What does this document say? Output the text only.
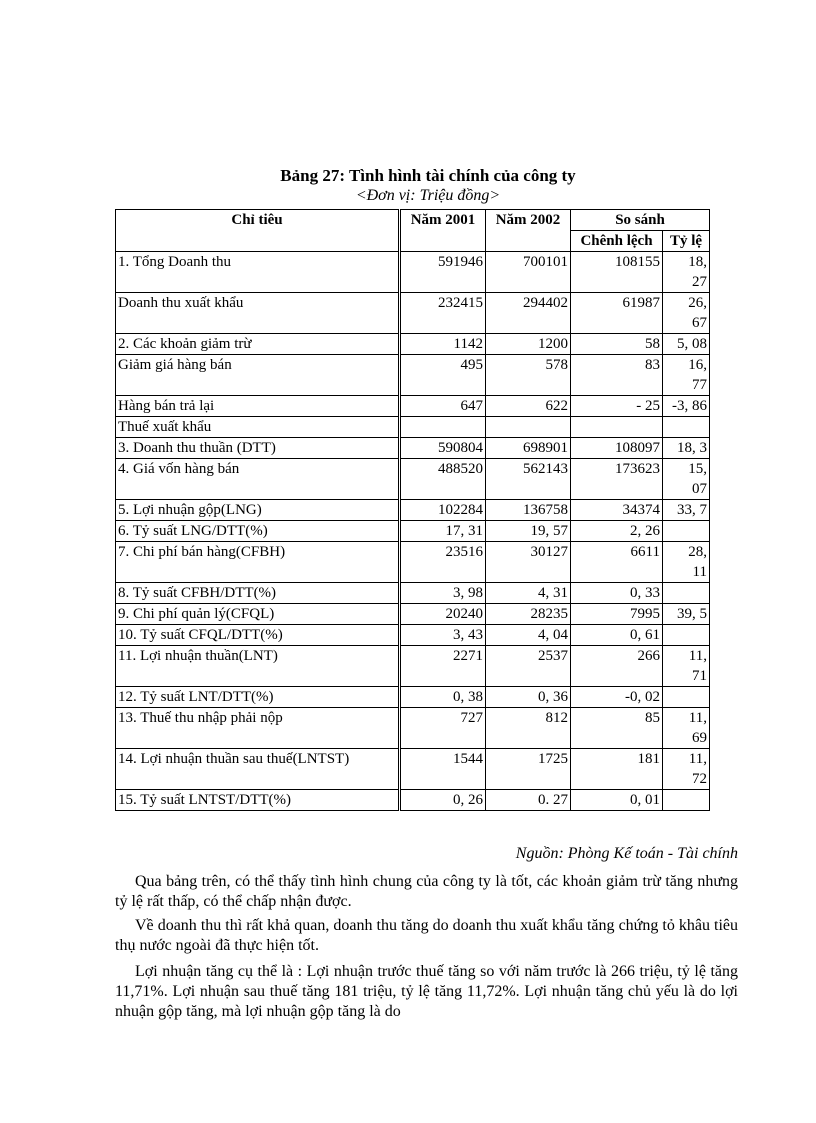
Bảng 27: Tình hình tài chính của công ty
<Đơn vị: Triệu đồng>
Chỉ tiêu	Năm 2001	Năm 2002	So sánh	
			Chênh lệch	Tỷ lệ
1. Tổng Doanh thu	591946	700101	108155	18,
27
Doanh thu xuất khẩu	232415	294402	61987	26,
67
2. Các khoản giảm trừ	1142	1200	58	5, 08
Giảm giá hàng bán	495	578	83	16,
77
Hàng bán trả lại	647	622	- 25	-3, 86
Thuế xuất khẩu				
3. Doanh thu thuần (DTT)	590804	698901	108097	18, 3
4. Giá vốn hàng bán	488520	562143	173623	15,
07
5. Lợi nhuận gộp(LNG)	102284	136758	34374	33, 7
6. Tỷ suất LNG/DTT(%)	17, 31	19, 57	2, 26	
7. Chi phí bán hàng(CFBH)	23516	30127	6611	28,
11
8. Tỷ suất CFBH/DTT(%)	3, 98	4, 31	0, 33	
9. Chi phí quản lý(CFQL)	20240	28235	7995	39, 5
10. Tỷ suất CFQL/DTT(%)	3, 43	4, 04	0, 61	
11. Lợi nhuận thuần(LNT)	2271	2537	266	11,
71
12. Tỷ suất LNT/DTT(%)	0, 38	0, 36	-0, 02	
13. Thuế thu nhập phải nộp	727	812	85	11,
69
14. Lợi nhuận thuần sau thuế(LNTST)	1544	1725	181	11,
72
15. Tỷ suất LNTST/DTT(%)	0, 26	0. 27	0, 01	
Nguồn: Phòng Kế toán - Tài chính

Qua bảng trên, có thể thấy tình hình chung của công ty là tốt, các khoản giảm trừ tăng nhưng tỷ lệ rất thấp, có thể chấp nhận được.

Về doanh thu thì rất khả quan, doanh thu tăng do doanh thu xuất khẩu tăng chứng tỏ khâu tiêu thụ nước ngoài đã thực hiện tốt.

Lợi nhuận tăng cụ thể là : Lợi nhuận trước thuế tăng so với năm trước là 266 triệu, tỷ lệ tăng 11,71%. Lợi nhuận sau thuế tăng 181 triệu, tỷ lệ tăng 11,72%. Lợi nhuận tăng chủ yếu là do lợi nhuận gộp tăng, mà lợi nhuận gộp tăng là do
